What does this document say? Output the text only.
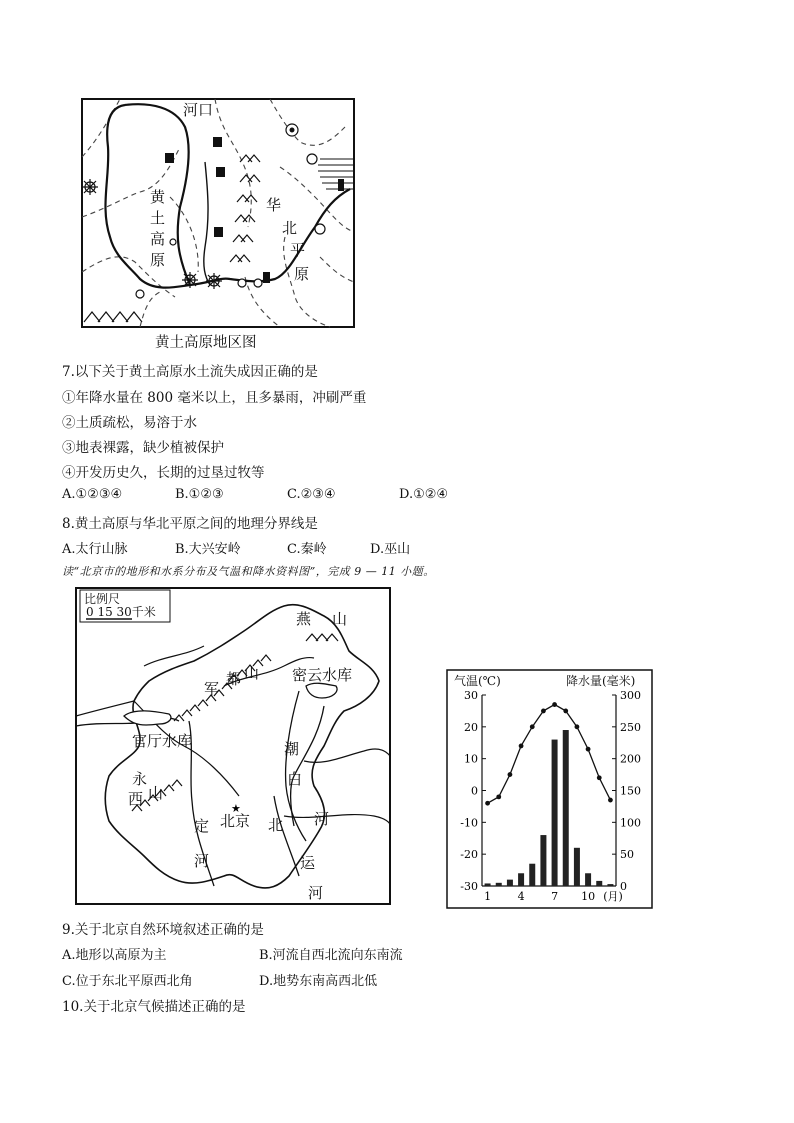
河口
黄
土
高
原
华
北
平
原
黄土高原地区图
7.以下关于黄土高原水土流失成因正确的是
①年降水量在 800 毫米以上，且多暴雨，冲刷严重
②土质疏松，易溶于水
③地表裸露，缺少植被保护
④开发历史久，长期的过垦过牧等
A.①②③④	B.①②③	C.②③④	D.①②④
8.黄土高原与华北平原之间的地理分界线是
A.太行山脉	B.大兴安岭	C.秦岭	D.巫山
读“北京市的地形和水系分布及气温和降水资料图”，完成 9 — 11 小题。
比例尺
0 15 30千米
★
燕 山
军
都 山 密云水库
官厅水库	潮
白
永
西 山
定
河
北京 北 河
运
河
气温(℃)	降水量(毫米)
30
20
10
0
-10
-20
-30
300
250
200
150
100
50
0
1 4 7 10 (月)
9.关于北京自然环境叙述正确的是
A.地形以高原为主	B.河流自西北流向东南流
C.位于东北平原西北角	D.地势东南高西北低
10.关于北京气候描述正确的是
